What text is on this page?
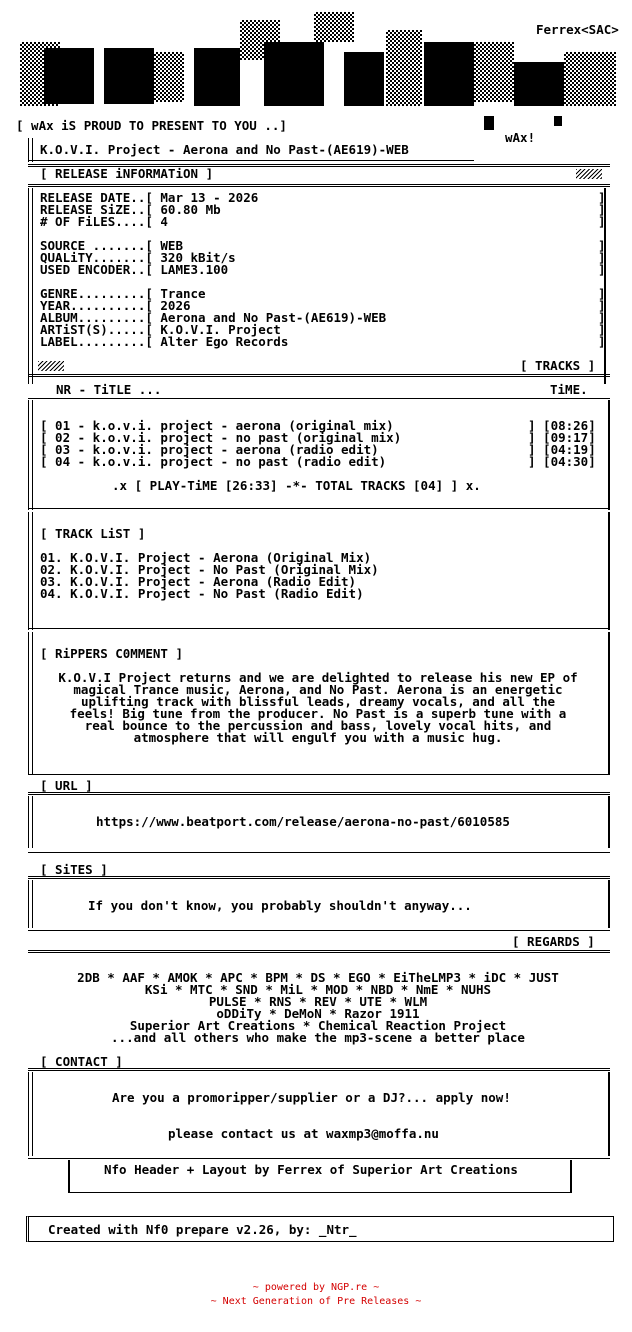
Ferrex<SAC>
[ wAx iS PROUD TO PRESENT TO YOU ..]
wAx!
K.O.V.I. Project - Aerona and No Past-(AE619)-WEB
[ RELEASE iNFORMATiON ]
RELEASE DATE..[ Mar 13 - 2026
RELEASE SiZE..[ 60.80 Mb
# OF FiLES....[ 4
SOURCE .......[ WEB
QUALiTY.......[ 320 kBit/s
USED ENCODER..[ LAME3.100
GENRE.........[ Trance
YEAR..........[ 2026
ALBUM.........[ Aerona and No Past-(AE619)-WEB
ARTiST(S).....[ K.O.V.I. Project
LABEL.........[ Alter Ego Records
]
]
]

]
]
]

]
]
]
]
]
[ TRACKS ]
NR - TiTLE ...	TiME.
[ 01 - k.o.v.i. project - aerona (original mix)
[ 02 - k.o.v.i. project - no past (original mix)
[ 03 - k.o.v.i. project - aerona (radio edit)
[ 04 - k.o.v.i. project - no past (radio edit)
] [08:26]
] [09:17]
] [04:19]
] [04:30]
.x [ PLAY-TiME [26:33] -*- TOTAL TRACKS [04] ] x.
[ TRACK LiST ]
01. K.O.V.I. Project - Aerona (Original Mix)
02. K.O.V.I. Project - No Past (Original Mix)
03. K.O.V.I. Project - Aerona (Radio Edit)
04. K.O.V.I. Project - No Past (Radio Edit)
[ RiPPERS C0MMENT ]
K.O.V.I Project returns and we are delighted to release his new EP of
magical Trance music, Aerona, and No Past. Aerona is an energetic
uplifting track with blissful leads, dreamy vocals, and all the
feels! Big tune from the producer. No Past is a superb tune with a
real bounce to the percussion and bass, lovely vocal hits, and
atmosphere that will engulf you with a music hug.
[ URL ]
https://www.beatport.com/release/aerona-no-past/6010585
[ SiTES ]
If you don't know, you probably shouldn't anyway...
[ REGARDS ]
2DB * AAF * AMOK * APC * BPM * DS * EGO * EiTheLMP3 * iDC * JUST
KSi * MTC * SND * MiL * MOD * NBD * NmE * NUHS
PULSE * RNS * REV * UTE * WLM
oDDiTy * DeMoN * Razor 1911
Superior Art Creations * Chemical Reaction Project
...and all others who make the mp3-scene a better place
[ CONTACT ]
Are you a promoripper/supplier or a DJ?... apply now!
please contact us at waxmp3@moffa.nu
Nfo Header + Layout by Ferrex of Superior Art Creations
Created with Nf0 prepare v2.26, by: _Ntr_
~ powered by NGP.re ~
~ Next Generation of Pre Releases ~
